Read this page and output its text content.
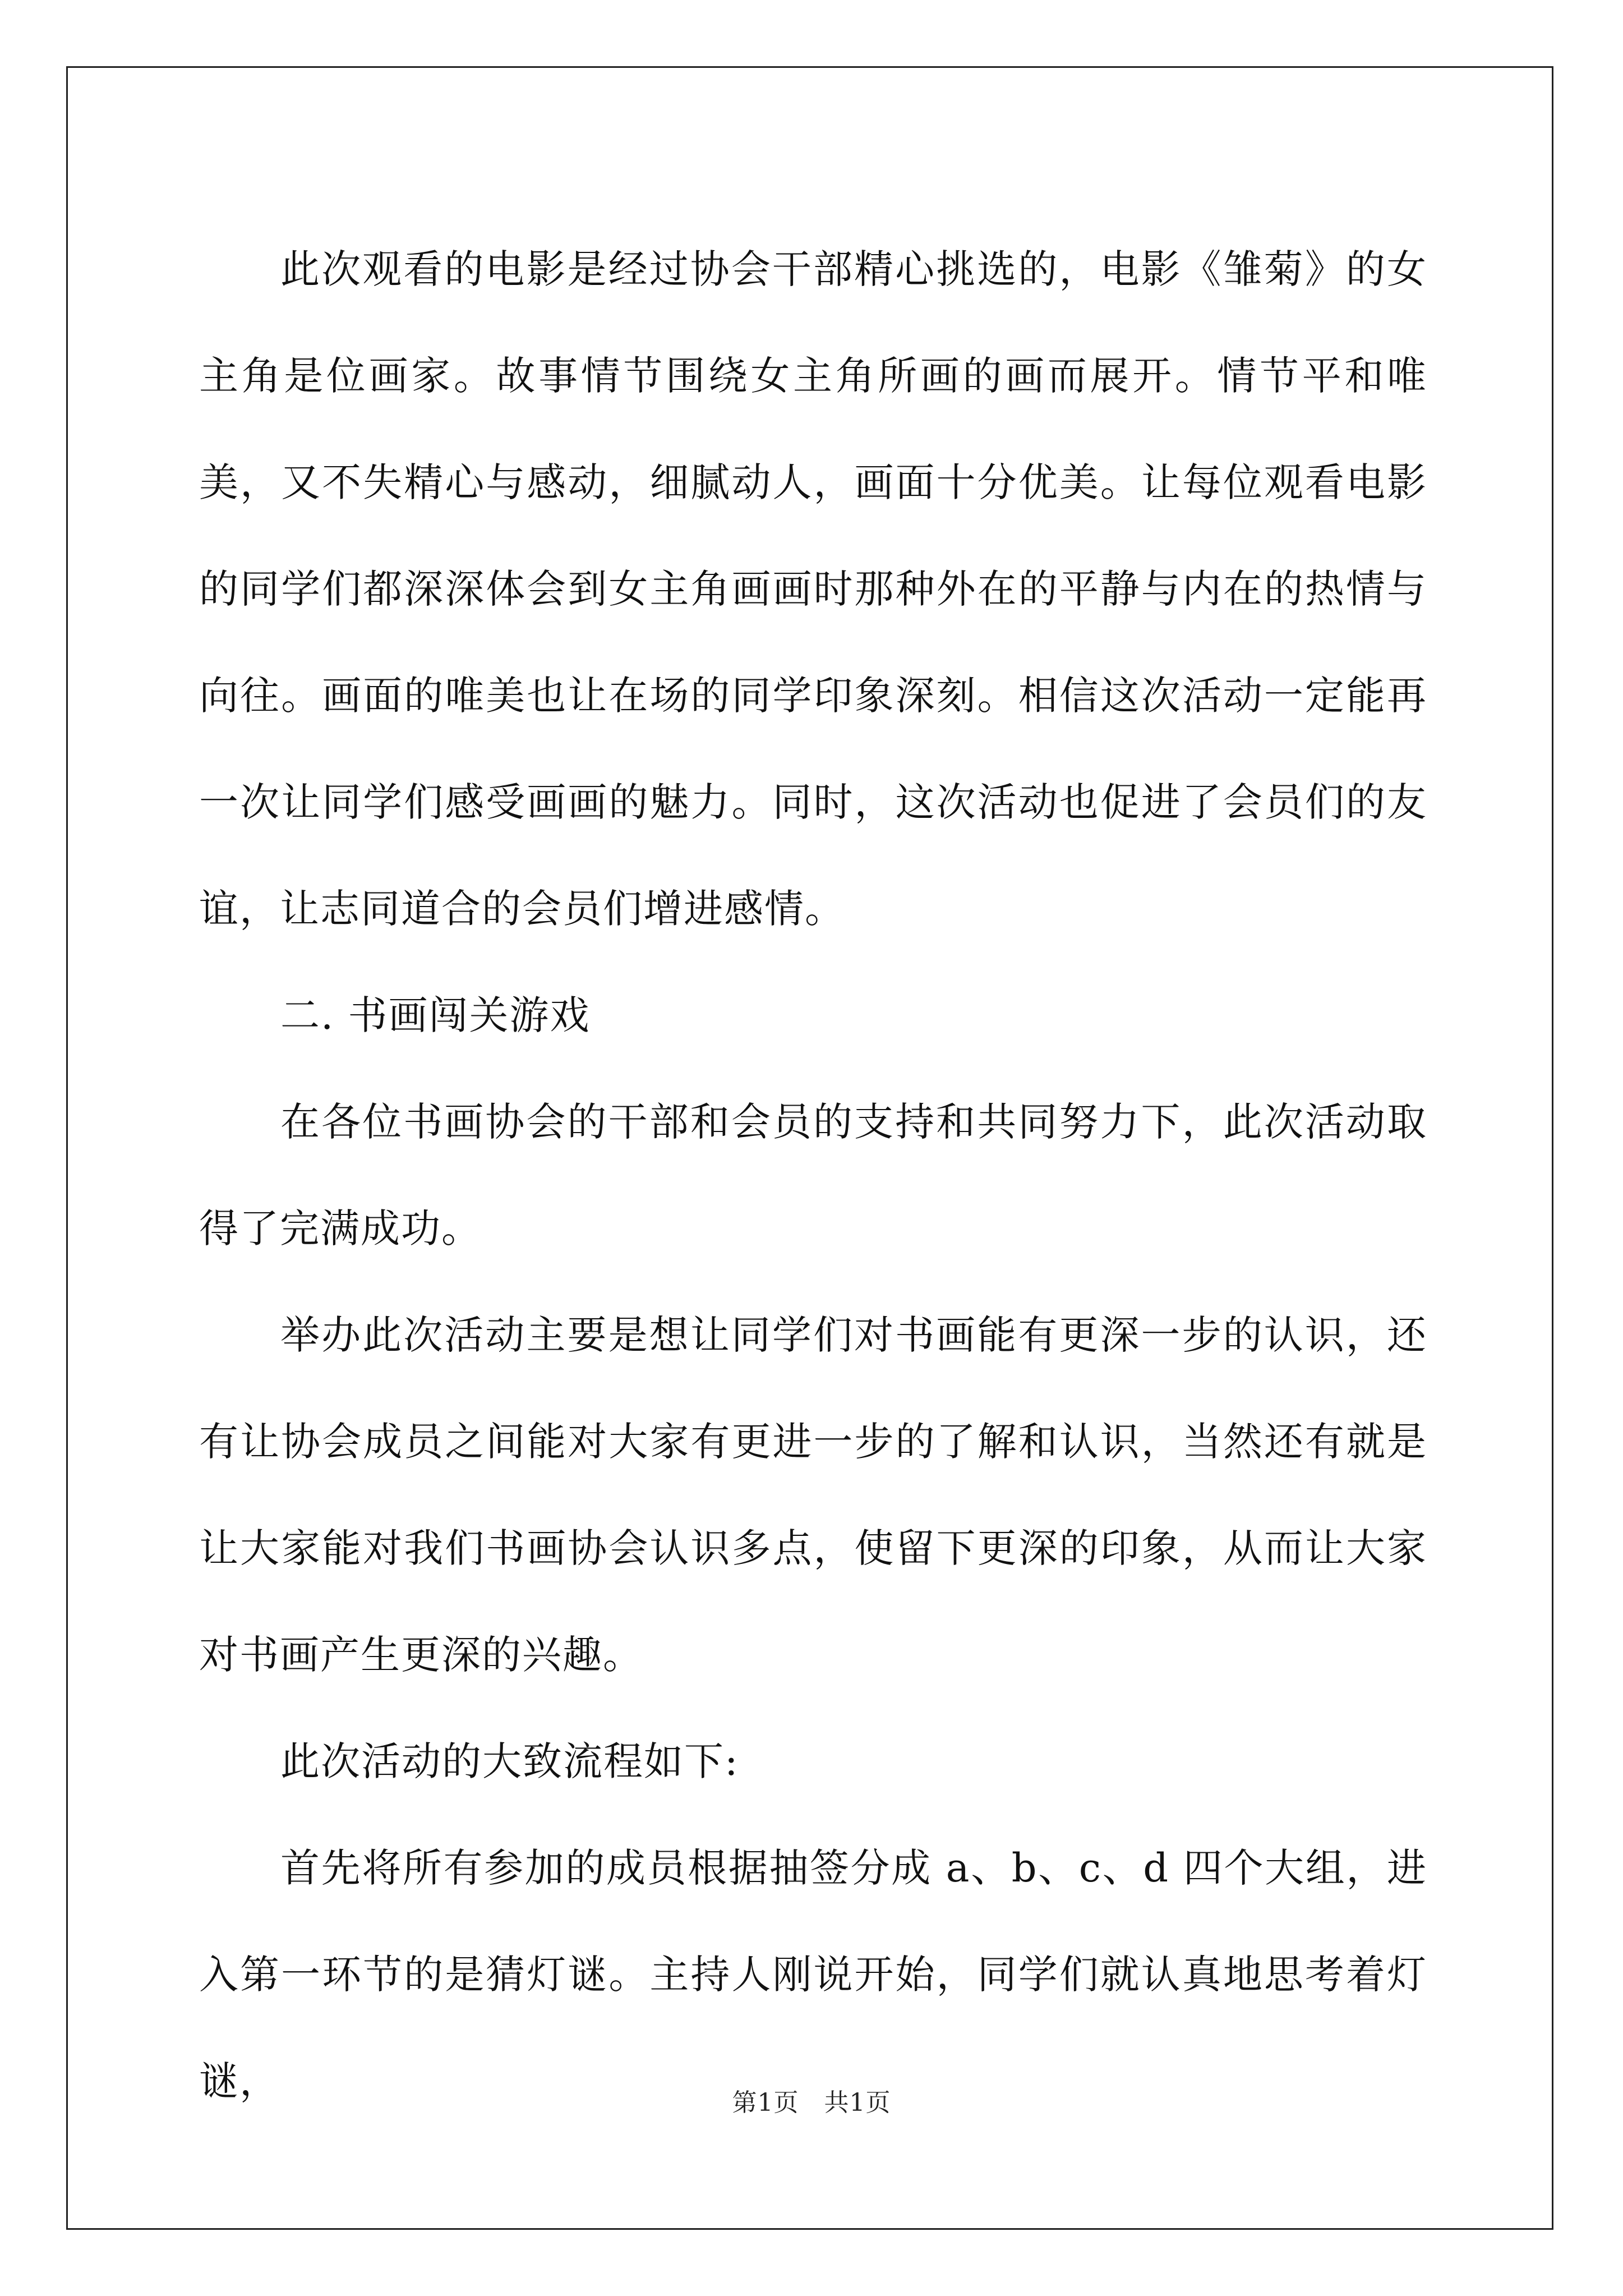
此次观看的电影是经过协会干部精心挑选的，电影《雏菊》的女主角是位画家。故事情节围绕女主角所画的画而展开。情节平和唯美，又不失精心与感动，细腻动人，画面十分优美。让每位观看电影的同学们都深深体会到女主角画画时那种外在的平静与内在的热情与向往。画面的唯美也让在场的同学印象深刻。相信这次活动一定能再一次让同学们感受画画的魅力。同时，这次活动也促进了会员们的友谊，让志同道合的会员们增进感情。

二. 书画闯关游戏

在各位书画协会的干部和会员的支持和共同努力下，此次活动取得了完满成功。

举办此次活动主要是想让同学们对书画能有更深一步的认识，还有让协会成员之间能对大家有更进一步的了解和认识，当然还有就是让大家能对我们书画协会认识多点，使留下更深的印象，从而让大家对书画产生更深的兴趣。

此次活动的大致流程如下:

首先将所有参加的成员根据抽签分成 a、b、c、d 四个大组，进入第一环节的是猜灯谜。主持人刚说开始，同学们就认真地思考着灯谜，	第1页   共1页
